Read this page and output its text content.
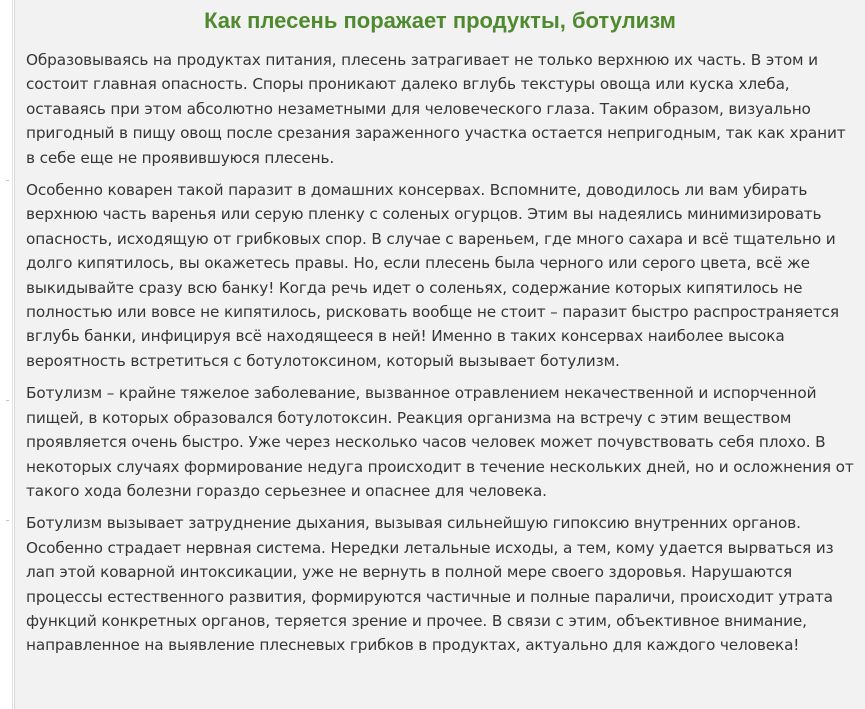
Как плесень поражает продукты, ботулизм

Образовываясь на продуктах питания, плесень затрагивает не только верхнюю их часть. В этом и состоит главная опасность. Споры проникают далеко вглубь текстуры овоща или куска хлеба, оставаясь при этом абсолютно незаметными для человеческого глаза. Таким образом, визуально пригодный в пищу овощ после срезания зараженного участка остается непригодным, так как хранит в себе еще не проявившуюся плесень.

Особенно коварен такой паразит в домашних консервах. Вспомните, доводилось ли вам убирать верхнюю часть варенья или серую пленку с соленых огурцов. Этим вы надеялись минимизировать опасность, исходящую от грибковых спор. В случае с вареньем, где много сахара и всё тщательно и долго кипятилось, вы окажетесь правы. Но, если плесень была черного или серого цвета, всё же выкидывайте сразу всю банку! Когда речь идет о соленьях, содержание которых кипятилось не полностью или вовсе не кипятилось, рисковать вообще не стоит – паразит быстро распространяется вглубь банки, инфицируя всё находящееся в ней! Именно в таких консервах наиболее высока вероятность встретиться с ботулотоксином, который вызывает ботулизм.

Ботулизм – крайне тяжелое заболевание, вызванное отравлением некачественной и испорченной пищей, в которых образовался ботулотоксин. Реакция организма на встречу с этим веществом проявляется очень быстро. Уже через несколько часов человек может почувствовать себя плохо. В некоторых случаях формирование недуга происходит в течение нескольких дней, но и осложнения от такого хода болезни гораздо серьезнее и опаснее для человека.

Ботулизм вызывает затруднение дыхания, вызывая сильнейшую гипоксию внутренних органов. Особенно страдает нервная система. Нередки летальные исходы, а тем, кому удается вырваться из лап этой коварной интоксикации, уже не вернуть в полной мере своего здоровья. Нарушаются процессы естественного развития, формируются частичные и полные параличи, происходит утрата функций конкретных органов, теряется зрение и прочее. В связи с этим, объективное внимание, направленное на выявление плесневых грибков в продуктах, актуально для каждого человека!
